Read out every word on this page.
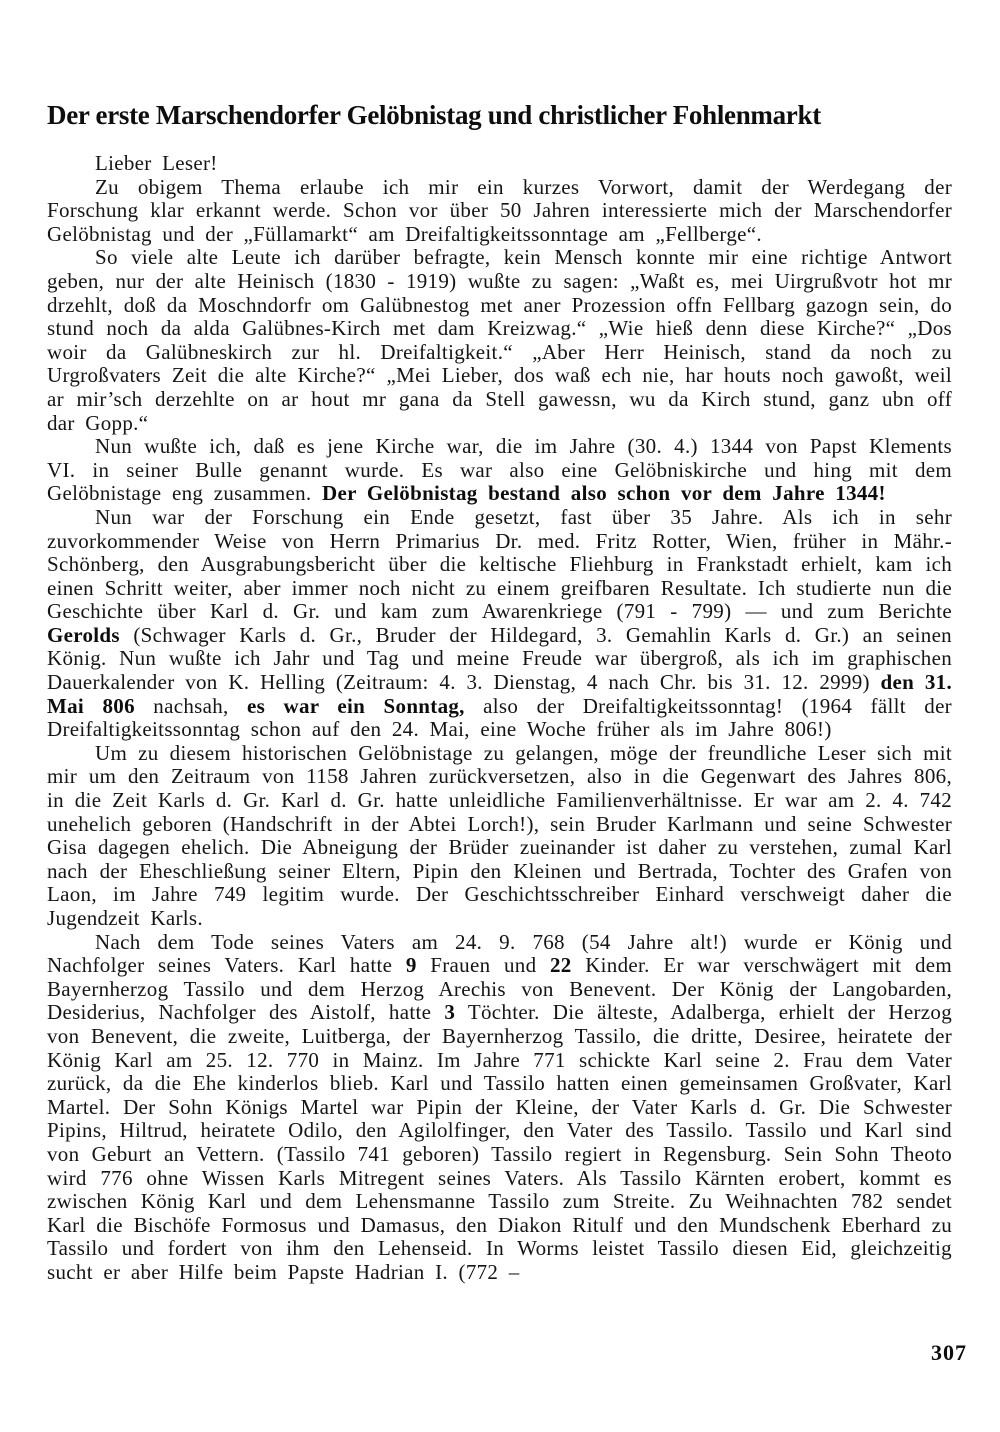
Der erste Marschendorfer Gelöbnistag und christlicher Fohlenmarkt

Lieber Leser!

Zu obigem Thema erlaube ich mir ein kurzes Vorwort, damit der Werdegang der Forschung klar erkannt werde. Schon vor über 50 Jahren interessierte mich der Marschendorfer Gelöbnistag und der „Füllamarkt“ am Dreifaltigkeitssonntage am „Fellberge“.

So viele alte Leute ich darüber befragte, kein Mensch konnte mir eine richtige Antwort geben, nur der alte Heinisch (1830 - 1919) wußte zu sagen: „Waßt es, mei Uirgrußvotr hot mr drzehlt, doß da Moschndorfr om Galübnestog met aner Prozession offn Fellbarg gazogn sein, do stund noch da alda Galübnes-Kirch met dam Kreizwag.“ „Wie hieß denn diese Kirche?“ „Dos woir da Galübneskirch zur hl. Dreifaltigkeit.“ „Aber Herr Heinisch, stand da noch zu Urgroßvaters Zeit die alte Kirche?“ „Mei Lieber, dos waß ech nie, har houts noch gawoßt, weil ar mir’sch derzehlte on ar hout mr gana da Stell gawessn, wu da Kirch stund, ganz ubn off dar Gopp.“

Nun wußte ich, daß es jene Kirche war, die im Jahre (30. 4.) 1344 von Papst Klements VI. in seiner Bulle genannt wurde. Es war also eine Gelöbniskirche und hing mit dem Gelöbnistage eng zusammen. Der Gelöbnistag bestand also schon vor dem Jahre 1344!

Nun war der Forschung ein Ende gesetzt, fast über 35 Jahre. Als ich in sehr zuvorkommender Weise von Herrn Primarius Dr. med. Fritz Rotter, Wien, früher in Mähr.-Schönberg, den Ausgrabungsbericht über die keltische Fliehburg in Frankstadt erhielt, kam ich einen Schritt weiter, aber immer noch nicht zu einem greifbaren Resultate. Ich studierte nun die Geschichte über Karl d. Gr. und kam zum Awarenkriege (791 - 799) — und zum Berichte Gerolds (Schwager Karls d. Gr., Bruder der Hildegard, 3. Gemahlin Karls d. Gr.) an seinen König. Nun wußte ich Jahr und Tag und meine Freude war übergroß, als ich im graphischen Dauerkalender von K. Helling (Zeitraum: 4. 3. Dienstag, 4 nach Chr. bis 31. 12. 2999) den 31. Mai 806 nachsah, es war ein Sonntag, also der Dreifaltigkeitssonntag! (1964 fällt der Dreifaltigkeitssonntag schon auf den 24. Mai, eine Woche früher als im Jahre 806!)

Um zu diesem historischen Gelöbnistage zu gelangen, möge der freundliche Leser sich mit mir um den Zeitraum von 1158 Jahren zurückversetzen, also in die Gegenwart des Jahres 806, in die Zeit Karls d. Gr. Karl d. Gr. hatte unleidliche Familienverhältnisse. Er war am 2. 4. 742 unehelich geboren (Handschrift in der Abtei Lorch!), sein Bruder Karlmann und seine Schwester Gisa dagegen ehelich. Die Abneigung der Brüder zueinander ist daher zu verstehen, zumal Karl nach der Eheschließung seiner Eltern, Pipin den Kleinen und Bertrada, Tochter des Grafen von Laon, im Jahre 749 legitim wurde. Der Geschichtsschreiber Einhard verschweigt daher die Jugendzeit Karls.

Nach dem Tode seines Vaters am 24. 9. 768 (54 Jahre alt!) wurde er König und Nachfolger seines Vaters. Karl hatte 9 Frauen und 22 Kinder. Er war verschwägert mit dem Bayernherzog Tassilo und dem Herzog Arechis von Benevent. Der König der Langobarden, Desiderius, Nachfolger des Aistolf, hatte 3 Töchter. Die älteste, Adalberga, erhielt der Herzog von Benevent, die zweite, Luitberga, der Bayernherzog Tassilo, die dritte, Desiree, heiratete der König Karl am 25. 12. 770 in Mainz. Im Jahre 771 schickte Karl seine 2. Frau dem Vater zurück, da die Ehe kinderlos blieb. Karl und Tassilo hatten einen gemeinsamen Großvater, Karl Martel. Der Sohn Königs Martel war Pipin der Kleine, der Vater Karls d. Gr. Die Schwester Pipins, Hiltrud, heiratete Odilo, den Agilolfinger, den Vater des Tassilo. Tassilo und Karl sind von Geburt an Vettern. (Tassilo 741 geboren) Tassilo regiert in Regensburg. Sein Sohn Theoto wird 776 ohne Wissen Karls Mitregent seines Vaters. Als Tassilo Kärnten erobert, kommt es zwischen König Karl und dem Lehensmanne Tassilo zum Streite. Zu Weihnachten 782 sendet Karl die Bischöfe Formosus und Damasus, den Diakon Ritulf und den Mundschenk Eberhard zu Tassilo und fordert von ihm den Lehenseid. In Worms leistet Tassilo diesen Eid, gleichzeitig sucht er aber Hilfe beim Papste Hadrian I. (772 –

307
